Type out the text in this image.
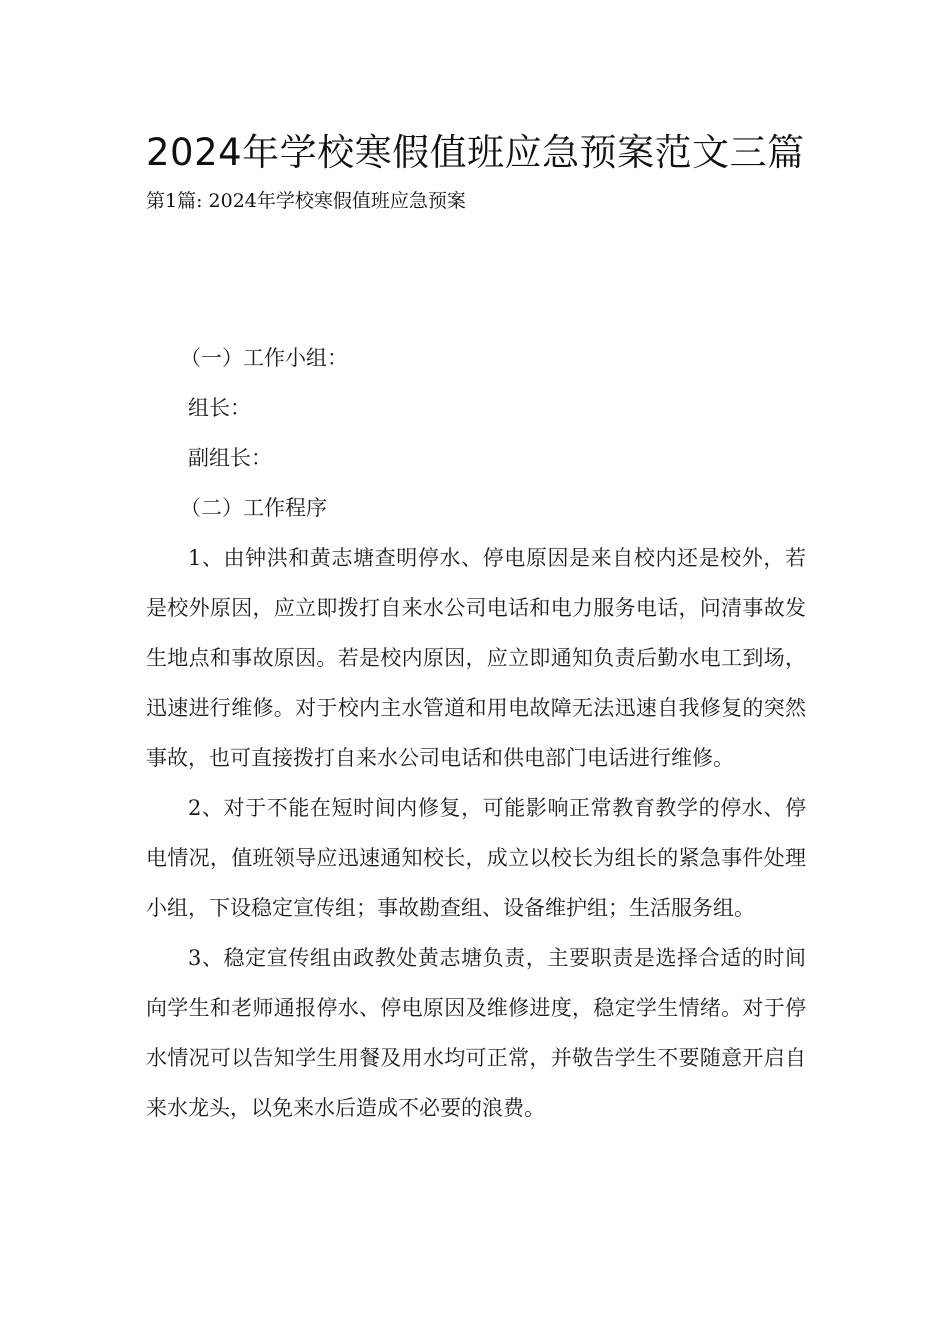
2024年学校寒假值班应急预案范文三篇

第1篇: 2024年学校寒假值班应急预案

（一）工作小组：

组长：

副组长：

（二）工作程序

1、由钟洪和黄志塘查明停水、停电原因是来自校内还是校外，若是校外原因，应立即拨打自来水公司电话和电力服务电话，问清事故发生地点和事故原因。若是校内原因，应立即通知负责后勤水电工到场，迅速进行维修。对于校内主水管道和用电故障无法迅速自我修复的突然事故，也可直接拨打自来水公司电话和供电部门电话进行维修。

2、对于不能在短时间内修复，可能影响正常教育教学的停水、停电情况，值班领导应迅速通知校长，成立以校长为组长的紧急事件处理小组，下设稳定宣传组；事故勘查组、设备维护组；生活服务组。

3、稳定宣传组由政教处黄志塘负责，主要职责是选择合适的时间向学生和老师通报停水、停电原因及维修进度，稳定学生情绪。对于停水情况可以告知学生用餐及用水均可正常，并敬告学生不要随意开启自来水龙头，以免来水后造成不必要的浪费。
